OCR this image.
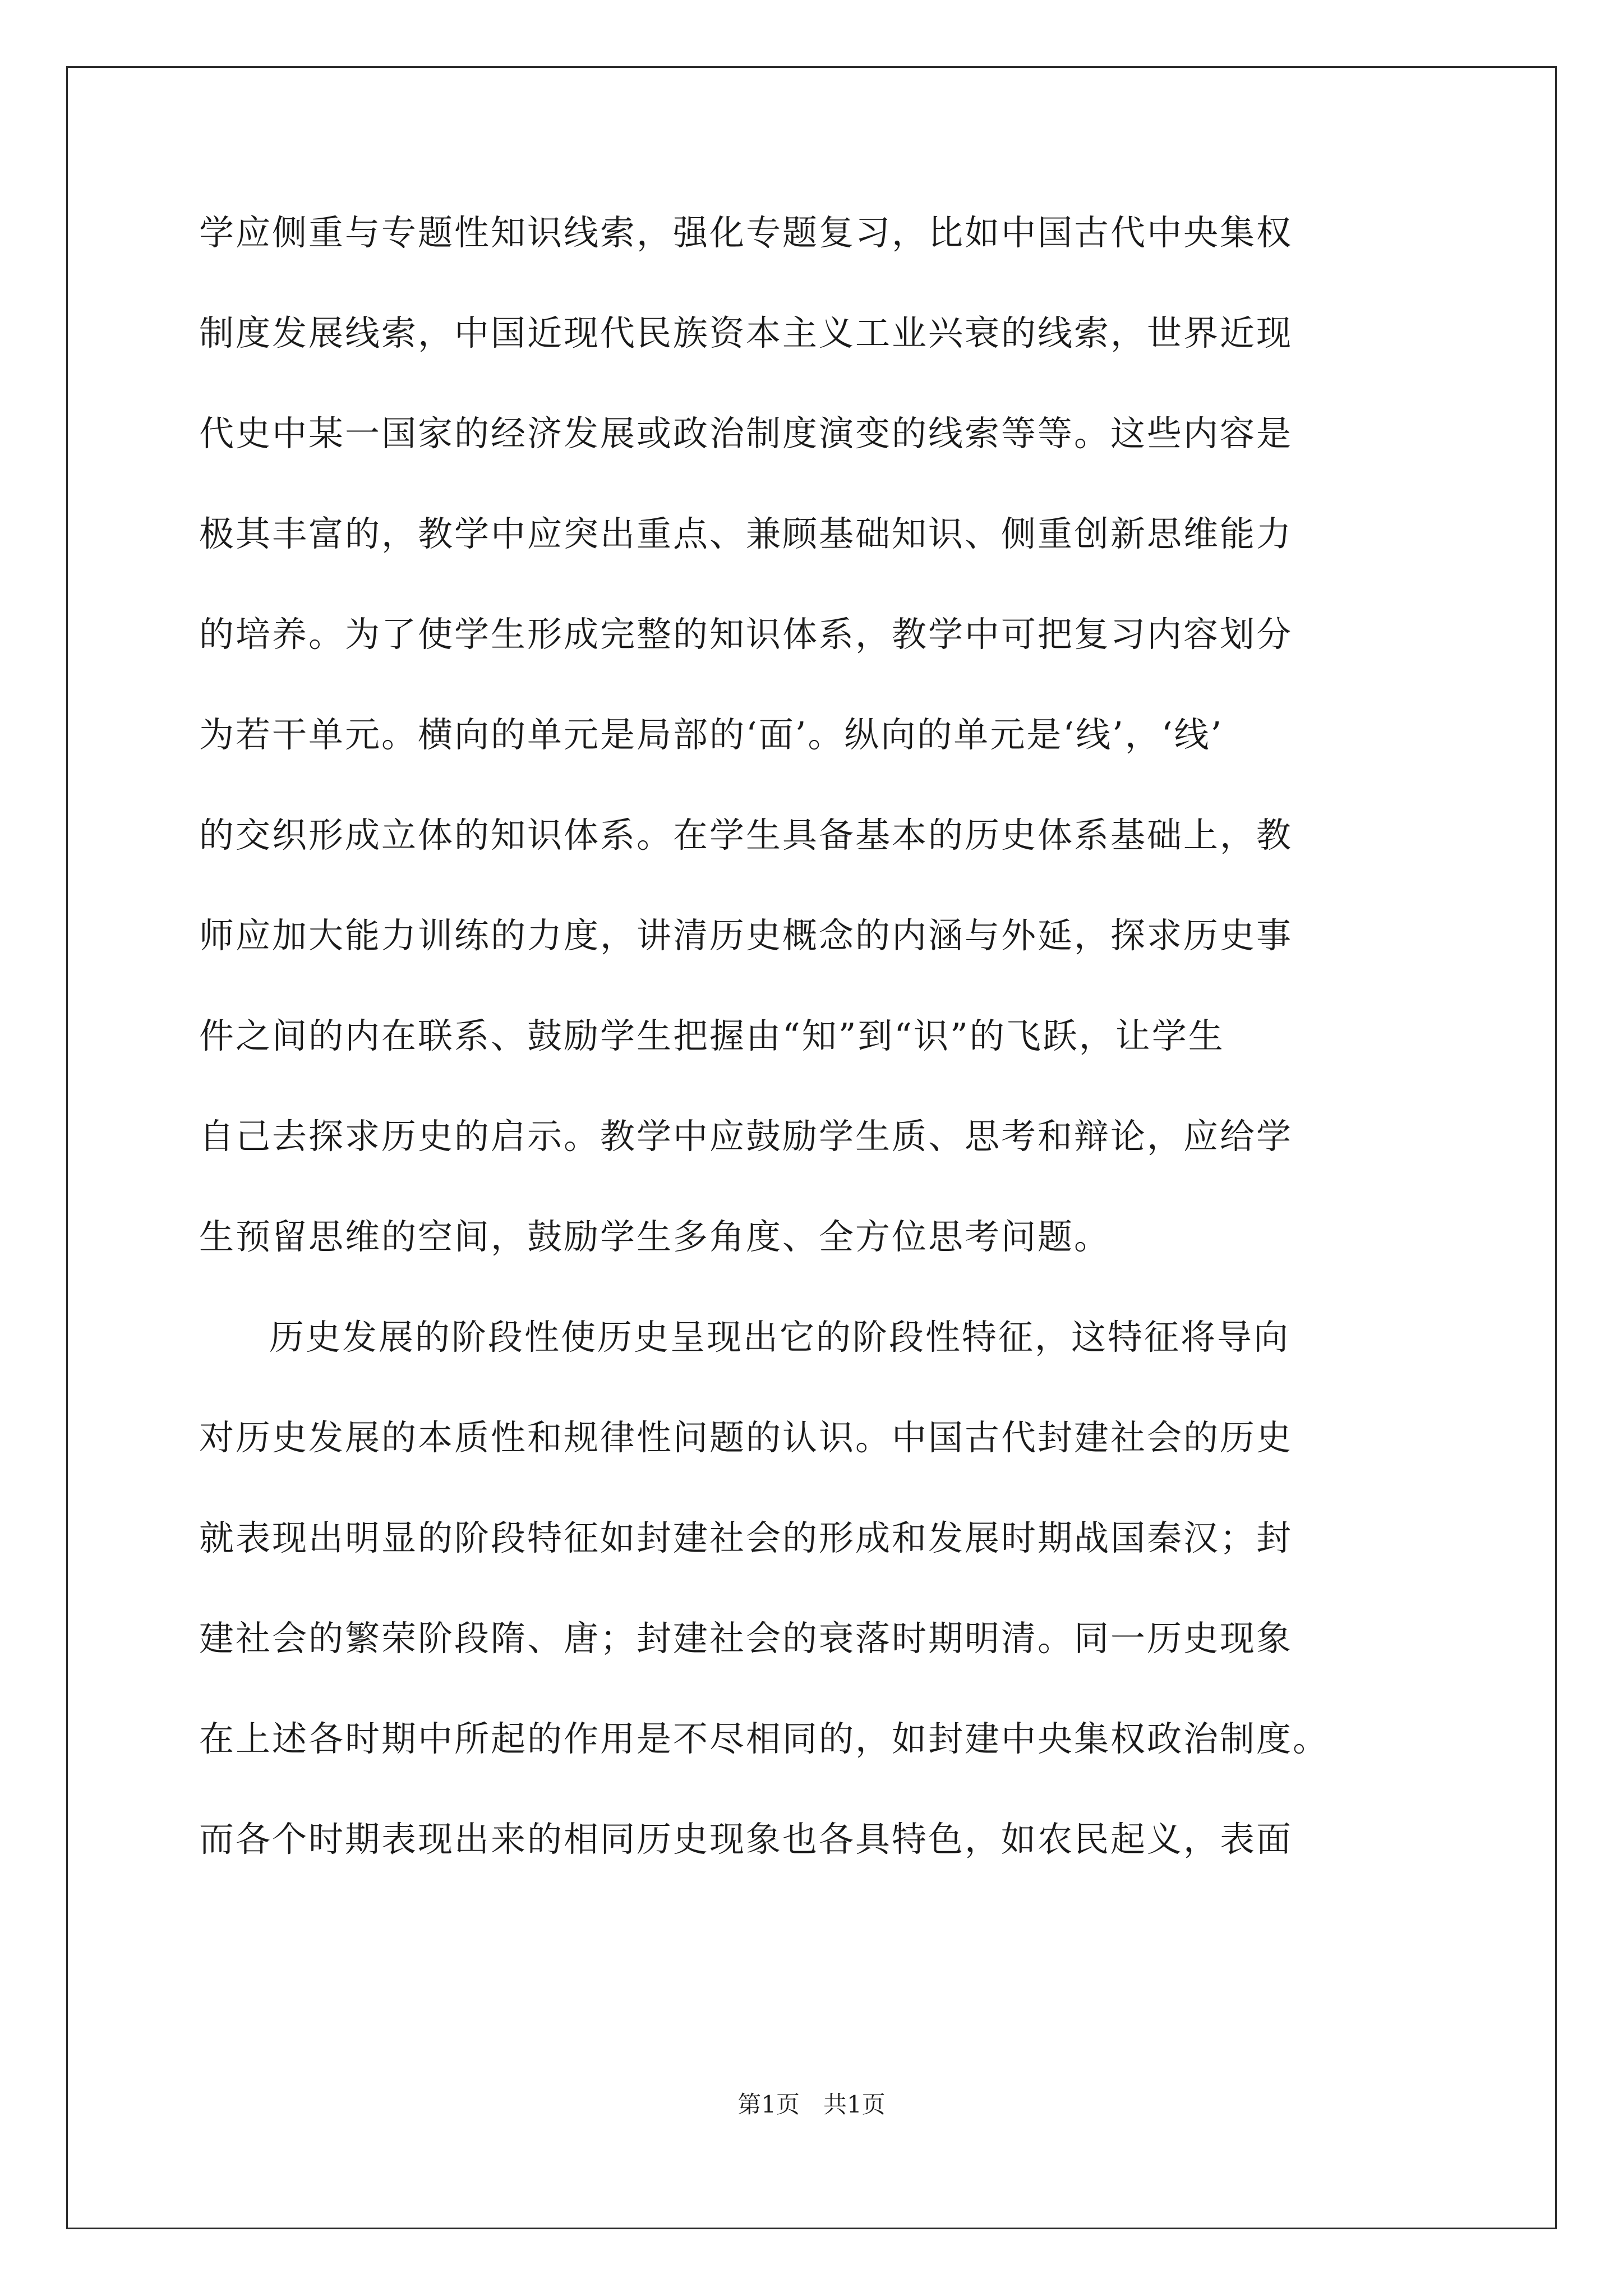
学应侧重与专题性知识线索，强化专题复习，比如中国古代中央集权
制度发展线索，中国近现代民族资本主义工业兴衰的线索，世界近现
代史中某一国家的经济发展或政治制度演变的线索等等。这些内容是
极其丰富的，教学中应突出重点、兼顾基础知识、侧重创新思维能力
的培养。为了使学生形成完整的知识体系，教学中可把复习内容划分
为若干单元。横向的单元是局部的‘面’。纵向的单元是‘线’，‘线’
的交织形成立体的知识体系。在学生具备基本的历史体系基础上，教
师应加大能力训练的力度，讲清历史概念的内涵与外延，探求历史事
件之间的内在联系、鼓励学生把握由“知”到“识”的飞跃，让学生
自己去探求历史的启示。教学中应鼓励学生质、思考和辩论，应给学
生预留思维的空间，鼓励学生多角度、全方位思考问题。
历史发展的阶段性使历史呈现出它的阶段性特征，这特征将导向
对历史发展的本质性和规律性问题的认识。中国古代封建社会的历史
就表现出明显的阶段特征如封建社会的形成和发展时期战国秦汉；封
建社会的繁荣阶段隋、唐；封建社会的衰落时期明清。同一历史现象
在上述各时期中所起的作用是不尽相同的，如封建中央集权政治制度。
而各个时期表现出来的相同历史现象也各具特色，如农民起义，表面
第1页　共1页
